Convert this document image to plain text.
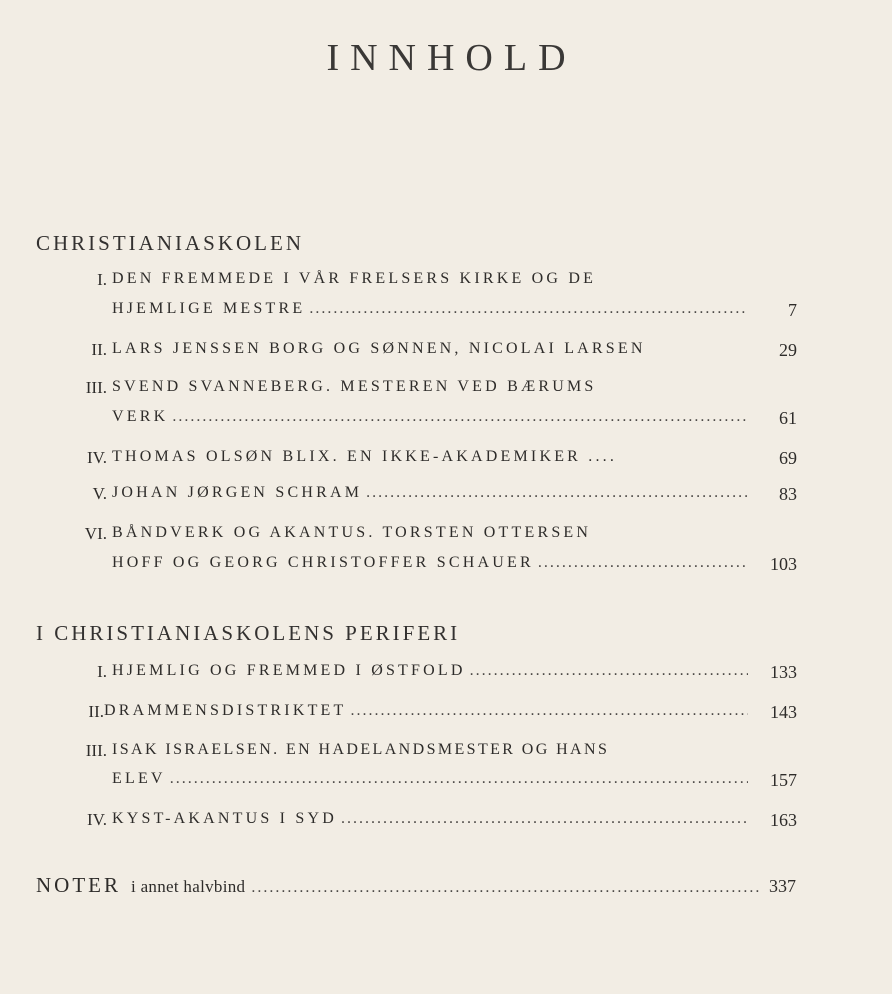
INNHOLD
CHRISTIANIASKOLEN
I. DEN FREMMEDE I VÅR FRELSERS KIRKE OG DE
HJEMLIGE MESTRE .....	7
II. LARS JENSSEN BORG OG SØNNEN, NICOLAI LARSEN	29
III. SVEND SVANNEBERG. MESTEREN VED BÆRUMS
VERK .....	61
IV. THOMAS OLSØN BLIX. EN IKKE-AKADEMIKER ....	69
V. JOHAN JØRGEN SCHRAM .....	83
VI. BÅNDVERK OG AKANTUS. TORSTEN OTTERSEN
HOFF OG GEORG CHRISTOFFER SCHAUER .....	103
I CHRISTIANIASKOLENS PERIFERI
I. HJEMLIG OG FREMMED I ØSTFOLD .....	133
II. DRAMMENSDISTRIKTET .....	143
III. ISAK ISRAELSEN. EN HADELANDSMESTER OG HANS
ELEV .....	157
IV. KYST-AKANTUS I SYD .....	163
NOTER i annet halvbind .....	337
